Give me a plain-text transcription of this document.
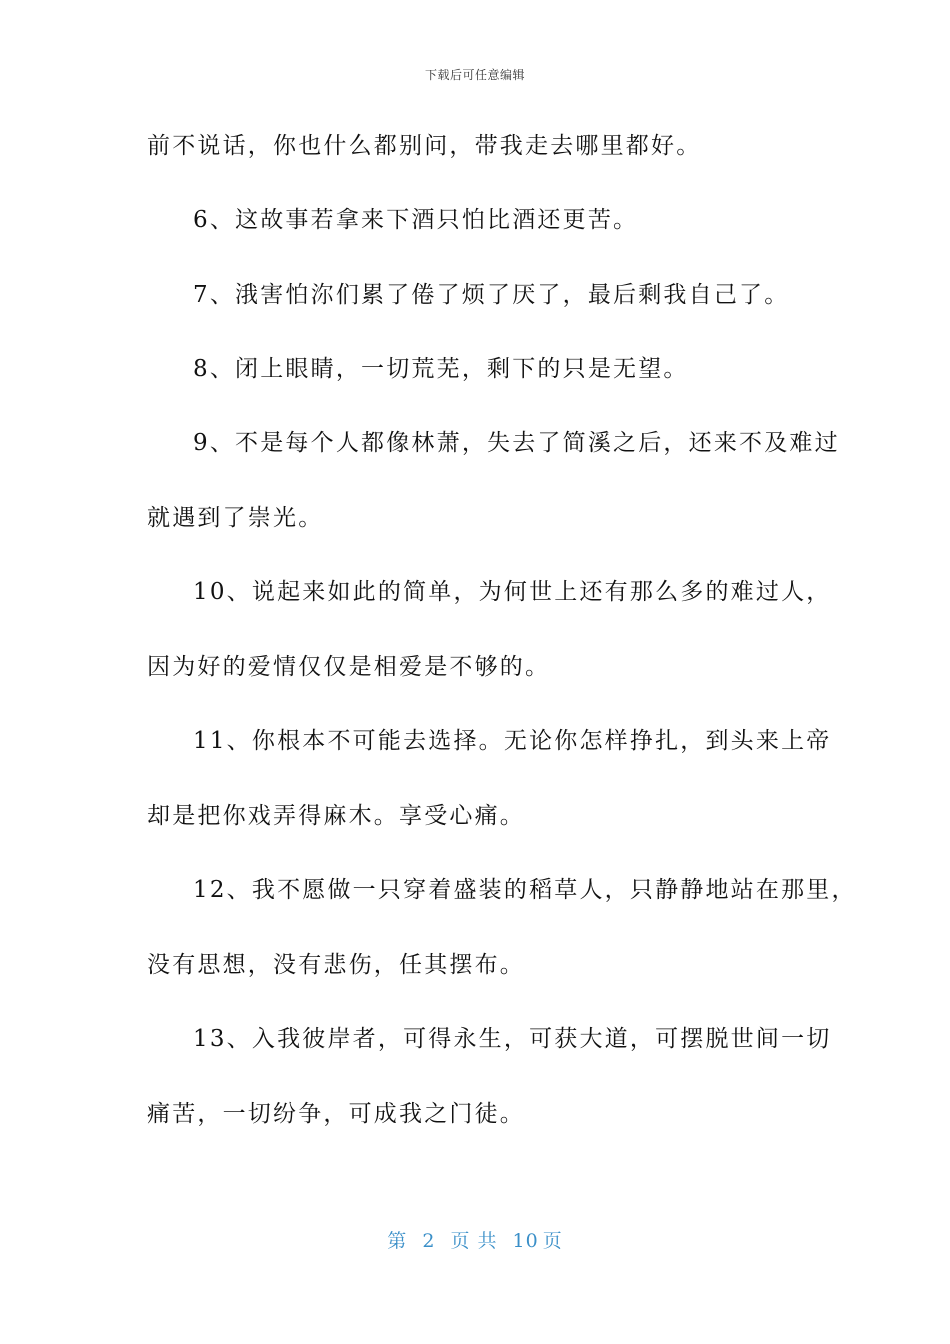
下载后可任意编辑
前不说话，你也什么都别问，带我走去哪里都好。
6、这故事若拿来下酒只怕比酒还更苦。
7、涐害怕沵们累了倦了烦了厌了，最后剩我自己了。
8、闭上眼睛，一切荒芜，剩下的只是无望。
9、不是每个人都像林萧，失去了简溪之后，还来不及难过
就遇到了崇光。
10、说起来如此的简单，为何世上还有那么多的难过人，
因为好的爱情仅仅是相爱是不够的。
11、你根本不可能去选择。无论你怎样挣扎，到头来上帝
却是把你戏弄得麻木。享受心痛。
12、我不愿做一只穿着盛装的稻草人，只静静地站在那里，
没有思想，没有悲伤，任其摆布。
13、入我彼岸者，可得永生，可获大道，可摆脱世间一切
痛苦，一切纷争，可成我之门徒。
第 2 页 共 10 页
